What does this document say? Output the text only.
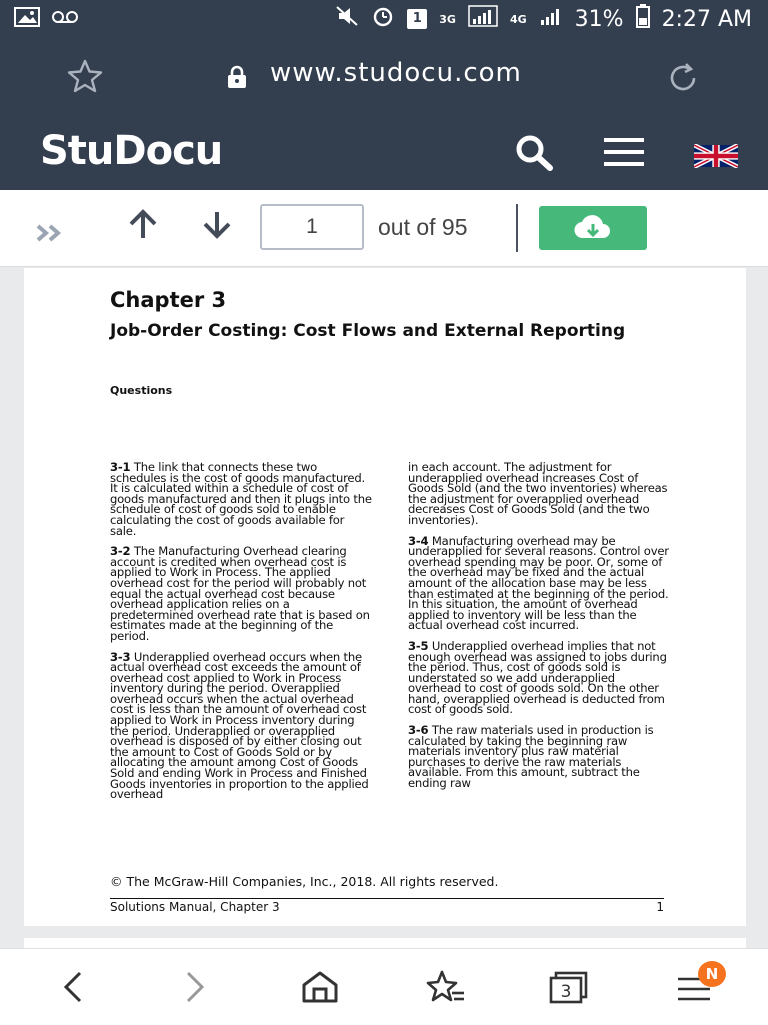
1	3G	4G 31% 2:27 AM
www.studocu.com
StuDocu
1	out of 95
Chapter 3
Job-Order Costing: Cost Flows and External Reporting
Questions

3-1 The link that connects these two schedules is the cost of goods manufactured. It is calculated within a schedule of cost of goods manufactured and then it plugs into the schedule of cost of goods sold to enable calculating the cost of goods available for sale.

3-2 The Manufacturing Overhead clearing account is credited when overhead cost is applied to Work in Process. The applied overhead cost for the period will probably not equal the actual overhead cost because overhead application relies on a predetermined overhead rate that is based on estimates made at the beginning of the period.

3-3 Underapplied overhead occurs when the actual overhead cost exceeds the amount of overhead cost applied to Work in Process inventory during the period. Overapplied overhead occurs when the actual overhead cost is less than the amount of overhead cost applied to Work in Process inventory during the period. Underapplied or overapplied overhead is disposed of by either closing out the amount to Cost of Goods Sold or by allocating the amount among Cost of Goods Sold and ending Work in Process and Finished Goods inventories in proportion to the applied overhead

in each account. The adjustment for underapplied overhead increases Cost of Goods Sold (and the two inventories) whereas the adjustment for overapplied overhead decreases Cost of Goods Sold (and the two inventories).

3-4 Manufacturing overhead may be underapplied for several reasons. Control over overhead spending may be poor. Or, some of the overhead may be fixed and the actual amount of the allocation base may be less than estimated at the beginning of the period. In this situation, the amount of overhead applied to inventory will be less than the actual overhead cost incurred.

3-5 Underapplied overhead implies that not enough overhead was assigned to jobs during the period. Thus, cost of goods sold is understated so we add underapplied overhead to cost of goods sold. On the other hand, overapplied overhead is deducted from cost of goods sold.

3-6 The raw materials used in production is calculated by taking the beginning raw materials inventory plus raw material purchases to derive the raw materials available. From this amount, subtract the ending raw

© The McGraw-Hill Companies, Inc., 2018. All rights reserved.
Solutions Manual, Chapter 3	1
3
N
